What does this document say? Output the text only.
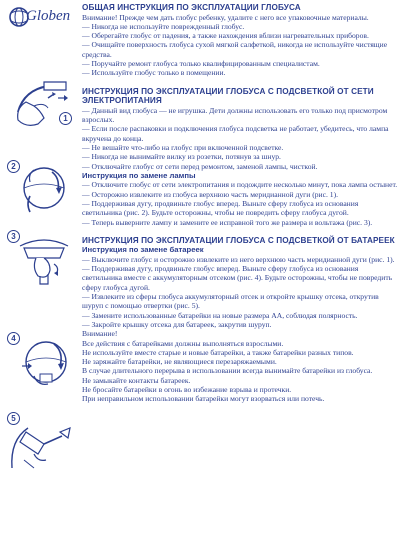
Globen
1
2
3
4
5
ОБЩАЯ ИНСТРУКЦИЯ ПО ЭКСПЛУАТАЦИИ ГЛОБУСА
Внимание! Прежде чем дать глобус ребенку, удалите с него все упаковочные материалы.
— Никогда не используйте поврежденный глобус.
— Оберегайте глобус от падения, а также нахождения вблизи нагревательных приборов.
— Очищайте поверхность глобуса сухой мягкой салфеткой, никогда не используйте чистящие средства.
— Поручайте ремонт глобуса только квалифицированным специалистам.
— Используйте глобус только в помещении.
ИНСТРУКЦИЯ ПО ЭКСПЛУАТАЦИИ ГЛОБУСА С ПОДСВЕТКОЙ ОТ СЕТИ ЭЛЕКТРОПИТАНИЯ
— Данный вид глобуса — не игрушка. Дети должны использовать его только под присмотром взрослых.
— Если после распаковки и подключения глобуса подсветка не работает, убедитесь, что лампа вкручена до конца.
— Не вешайте что-либо на глобус при включенной подсветке.
— Никогда не вынимайте вилку из розетки, потянув за шнур.
— Отключайте глобус от сети перед ремонтом, заменой лампы, чисткой.
Инструкция по замене лампы
— Отключите глобус от сети электропитания и подождите несколько минут, пока лампа остынет.
— Осторожно извлеките из глобуса верхнюю часть меридианной дуги (рис. 1).
— Поддерживая дугу, продвиньте глобус вперед. Выньте сферу глобуса из основания светильника (рис. 2). Будьте осторожны, чтобы не повредить сферу глобуса дугой.
— Теперь выверните лампу и замените ее исправной того же размера и вольтажа (рис. 3).
ИНСТРУКЦИЯ ПО ЭКСПЛУАТАЦИИ ГЛОБУСА С ПОДСВЕТКОЙ ОТ БАТАРЕЕК
Инструкция по замене батареек
— Выключите глобус и осторожно извлеките из него верхнюю часть меридианной дуги (рис. 1).
— Поддерживая дугу, продвиньте глобус вперед. Выньте сферу глобуса из основания светильника вместе с аккумуляторным отсеком (рис. 4). Будьте осторожны, чтобы не повредить сферу глобуса дугой.
— Извлеките из сферы глобуса аккумуляторный отсек и откройте крышку отсека, открутив шуруп с помощью отвертки (рис. 5).
— Замените использованные батарейки на новые размера АА, соблюдая полярность.
— Закройте крышку отсека для батареек, закрутив шуруп.
Внимание!
Все действия с батарейками должны выполняться взрослыми.
Не используйте вместе старые и новые батарейки, а также батарейки разных типов.
Не заряжайте батарейки, не являющиеся перезаряжаемыми.
В случае длительного перерыва в использовании всегда вынимайте батарейки из глобуса.
Не замыкайте контакты батареек.
Не бросайте батарейки в огонь во избежание взрыва и протечки.
При неправильном использовании батарейки могут взорваться или потечь.
